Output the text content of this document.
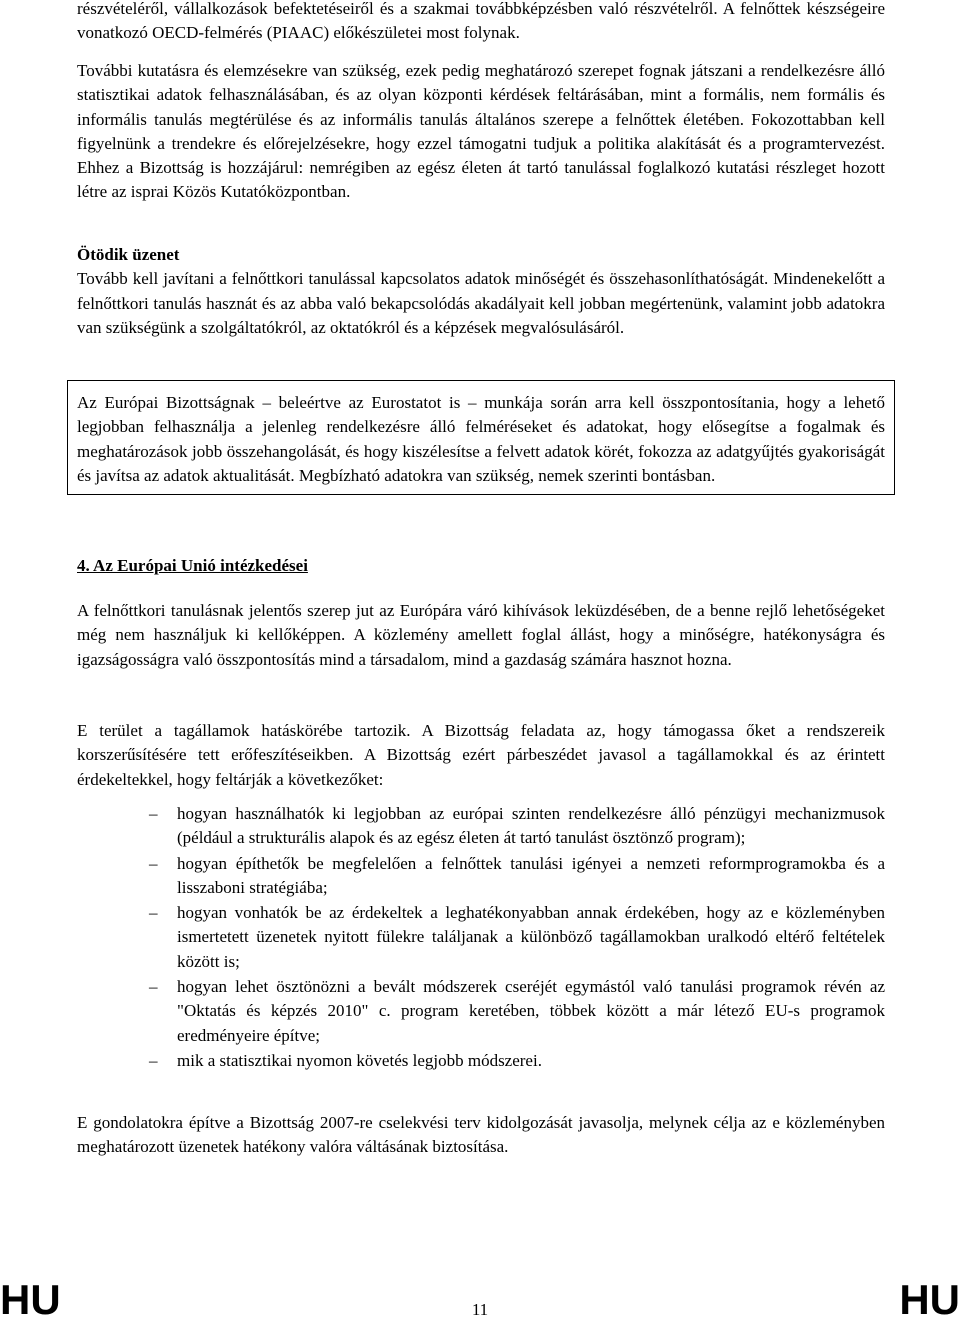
részvételéről, vállalkozások befektetéseiről és a szakmai továbbképzésben való részvételről. A felnőttek készségeire vonatkozó OECD-felmérés (PIAAC) előkészületei most folynak.

További kutatásra és elemzésekre van szükség, ezek pedig meghatározó szerepet fognak játszani a rendelkezésre álló statisztikai adatok felhasználásában, és az olyan központi kérdések feltárásában, mint a formális, nem formális és informális tanulás megtérülése és az informális tanulás általános szerepe a felnőttek életében. Fokozottabban kell figyelnünk a trendekre és előrejelzésekre, hogy ezzel támogatni tudjuk a politika alakítását és a programtervezést. Ehhez a Bizottság is hozzájárul: nemrégiben az egész életen át tartó tanulással foglalkozó kutatási részleget hozott létre az isprai Közös Kutatóközpontban.

Ötödik üzenet

Tovább kell javítani a felnőttkori tanulással kapcsolatos adatok minőségét és összehasonlíthatóságát. Mindenekelőtt a felnőttkori tanulás hasznát és az abba való bekapcsolódás akadályait kell jobban megértenünk, valamint jobb adatokra van szükségünk a szolgáltatókról, az oktatókról és a képzések megvalósulásáról.

Az Európai Bizottságnak – beleértve az Eurostatot is – munkája során arra kell összpontosítania, hogy a lehető legjobban felhasználja a jelenleg rendelkezésre álló felméréseket és adatokat, hogy elősegítse a fogalmak és meghatározások jobb összehangolását, és hogy kiszélesítse a felvett adatok körét, fokozza az adatgyűjtés gyakoriságát és javítsa az adatok aktualitását. Megbízható adatokra van szükség, nemek szerinti bontásban.

4. Az Európai Unió intézkedései

A felnőttkori tanulásnak jelentős szerep jut az Európára váró kihívások leküzdésében, de a benne rejlő lehetőségeket még nem használjuk ki kellőképpen. A közlemény amellett foglal állást, hogy a minőségre, hatékonyságra és igazságosságra való összpontosítás mind a társadalom, mind a gazdaság számára hasznot hozna.

E terület a tagállamok hatáskörébe tartozik. A Bizottság feladata az, hogy támogassa őket a rendszereik korszerűsítésére tett erőfeszítéseikben. A Bizottság ezért párbeszédet javasol a tagállamokkal és az érintett érdekeltekkel, hogy feltárják a következőket:

–	hogyan használhatók ki legjobban az európai szinten rendelkezésre álló pénzügyi mechanizmusok (például a strukturális alapok és az egész életen át tartó tanulást ösztönző program);
–	hogyan építhetők be megfelelően a felnőttek tanulási igényei a nemzeti reformprogramokba és a lisszaboni stratégiába;
–	hogyan vonhatók be az érdekeltek a leghatékonyabban annak érdekében, hogy az e közleményben ismertetett üzenetek nyitott fülekre találjanak a különböző tagállamokban uralkodó eltérő feltételek között is;
–	hogyan lehet ösztönözni a bevált módszerek cseréjét egymástól való tanulási programok révén az "Oktatás és képzés 2010" c. program keretében, többek között a már létező EU-s programok eredményeire építve;
–	mik a statisztikai nyomon követés legjobb módszerei.

E gondolatokra építve a Bizottság 2007-re cselekvési terv kidolgozását javasolja, melynek célja az e közleményben meghatározott üzenetek hatékony valóra váltásának biztosítása.

HU	11	HU
